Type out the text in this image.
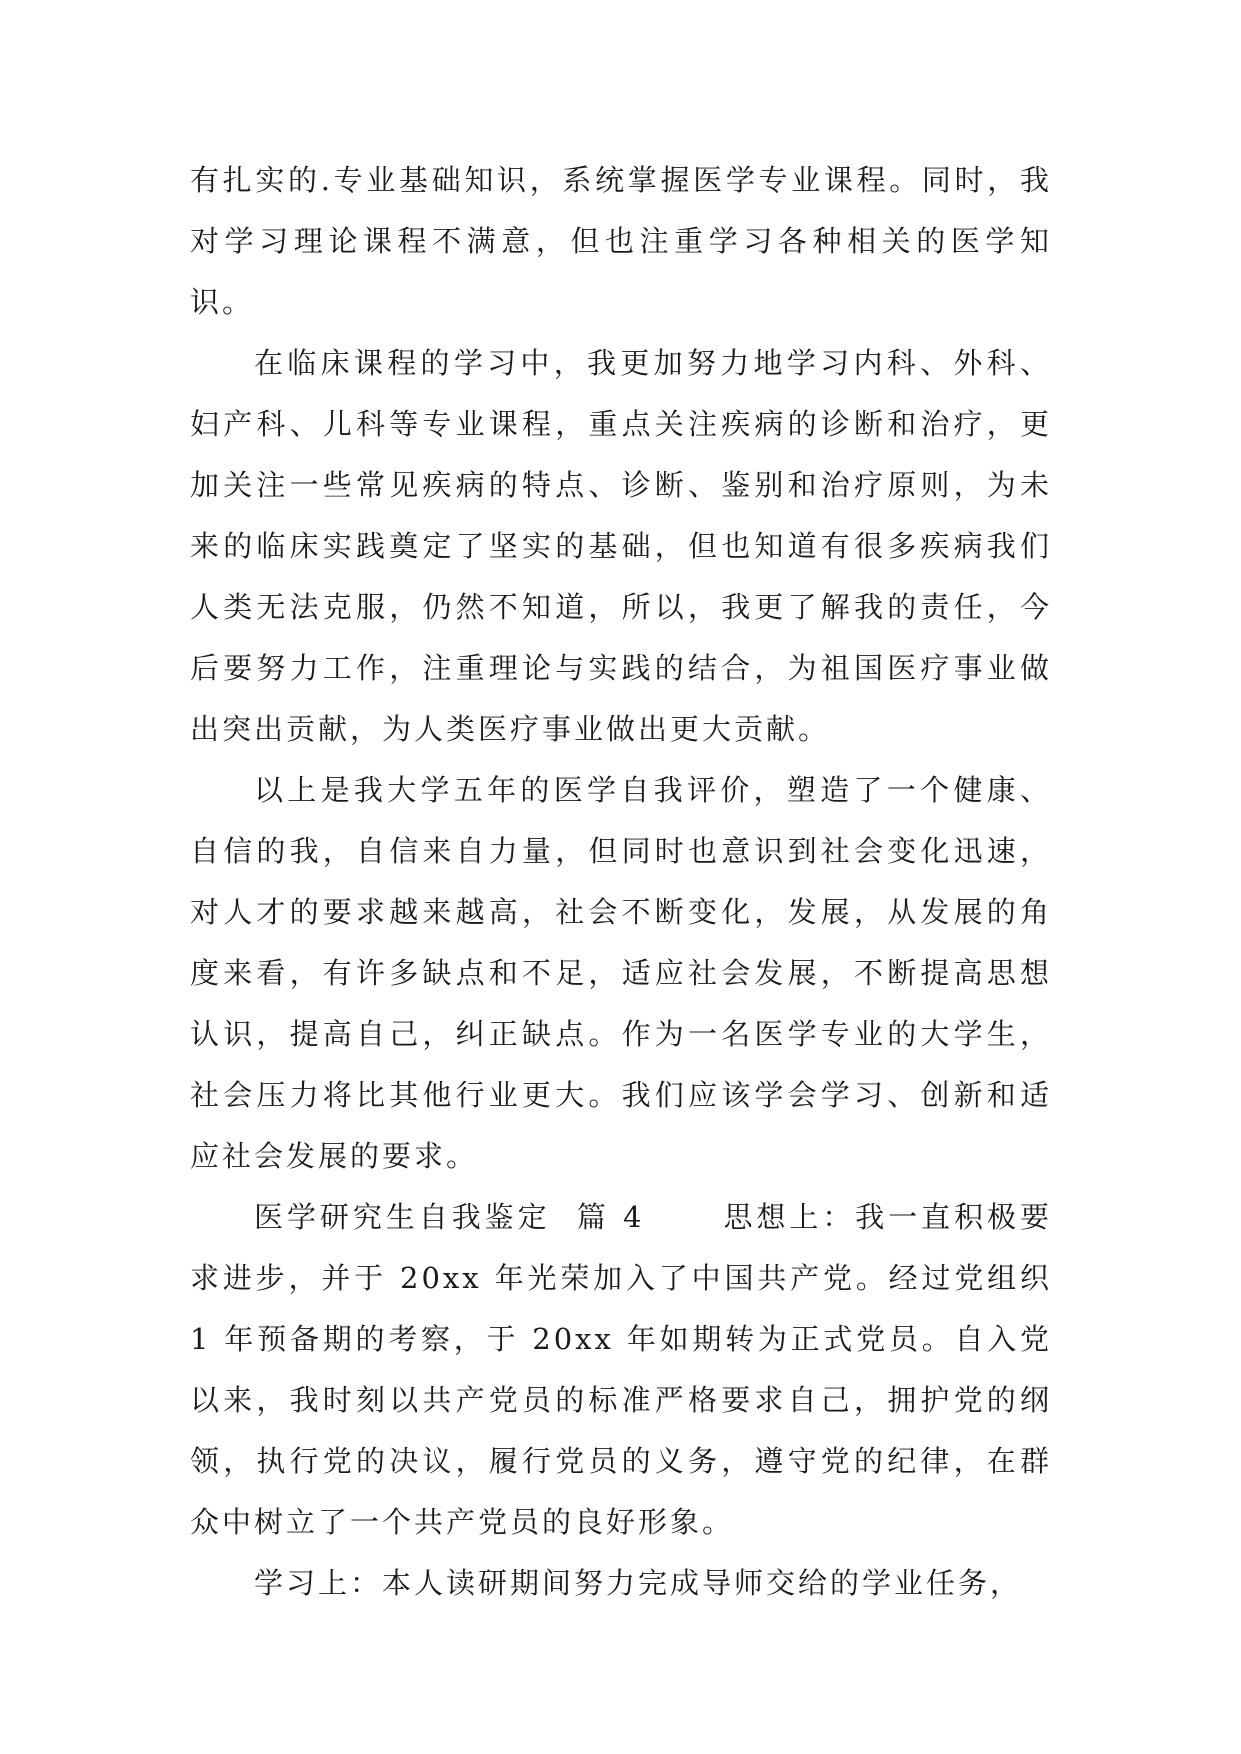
有扎实的.专业基础知识，系统掌握医学专业课程。同时，我对学习理论课程不满意，但也注重学习各种相关的医学知识。

在临床课程的学习中，我更加努力地学习内科、外科、妇产科、儿科等专业课程，重点关注疾病的诊断和治疗，更加关注一些常见疾病的特点、诊断、鉴别和治疗原则，为未来的临床实践奠定了坚实的基础，但也知道有很多疾病我们人类无法克服，仍然不知道，所以，我更了解我的责任，今后要努力工作，注重理论与实践的结合，为祖国医疗事业做出突出贡献，为人类医疗事业做出更大贡献。

以上是我大学五年的医学自我评价，塑造了一个健康、自信的我，自信来自力量，但同时也意识到社会变化迅速，对人才的要求越来越高，社会不断变化，发展，从发展的角度来看，有许多缺点和不足，适应社会发展，不断提高思想认识，提高自己，纠正缺点。作为一名医学专业的大学生，社会压力将比其他行业更大。我们应该学会学习、创新和适应社会发展的要求。

医学研究生自我鉴定  篇 4	思想上：我一直积极要求进步，并于 20xx 年光荣加入了中国共产党。经过党组织 1 年预备期的考察，于 20xx 年如期转为正式党员。自入党以来，我时刻以共产党员的标准严格要求自己，拥护党的纲领，执行党的决议，履行党员的义务，遵守党的纪律，在群众中树立了一个共产党员的良好形象。

学习上：本人读研期间努力完成导师交给的学业任务，
